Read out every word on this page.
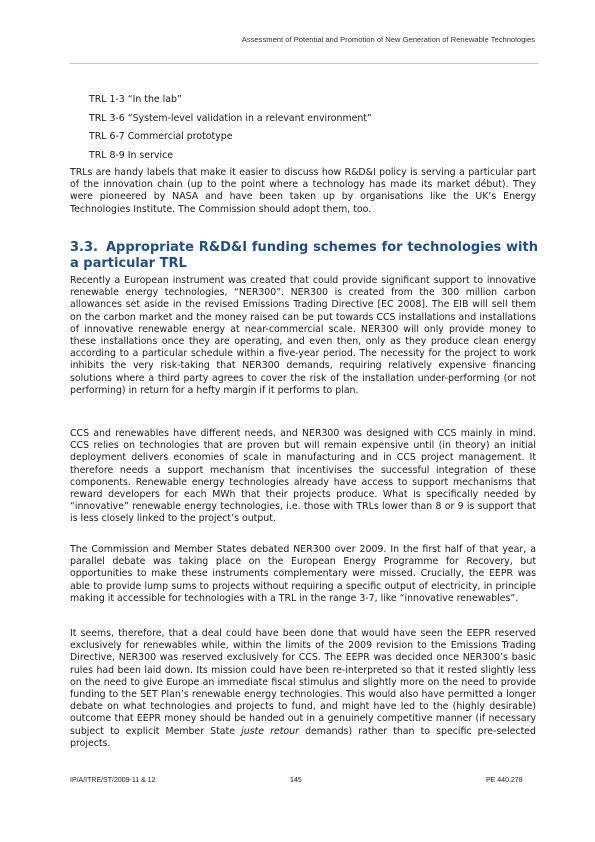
Assessment of Potential and Promotion of New Generation of Renewable Technologies
TRL 1-3 “In the lab”
TRL 3-6 “System-level validation in a relevant environment”
TRL 6-7 Commercial prototype
TRL 8-9 In service

TRLs are handy labels that make it easier to discuss how R&D&I policy is serving a particular part of the innovation chain (up to the point where a technology has made its market début). They were pioneered by NASA and have been taken up by organisations like the UK’s Energy Technologies Institute. The Commission should adopt them, too.

3.3. Appropriate R&D&I funding schemes for technologies with a particular TRL

Recently a European instrument was created that could provide significant support to innovative renewable energy technologies, “NER300”. NER300 is created from the 300 million carbon allowances set aside in the revised Emissions Trading Directive [EC 2008]. The EIB will sell them on the carbon market and the money raised can be put towards CCS installations and installations of innovative renewable energy at near-commercial scale. NER300 will only provide money to these installations once they are operating, and even then, only as they produce clean energy according to a particular schedule within a five-year period. The necessity for the project to work inhibits the very risk-taking that NER300 demands, requiring relatively expensive financing solutions where a third party agrees to cover the risk of the installation under-performing (or not performing) in return for a hefty margin if it performs to plan.

CCS and renewables have different needs, and NER300 was designed with CCS mainly in mind. CCS relies on technologies that are proven but will remain expensive until (in theory) an initial deployment delivers economies of scale in manufacturing and in CCS project management. It therefore needs a support mechanism that incentivises the successful integration of these components. Renewable energy technologies already have access to support mechanisms that reward developers for each MWh that their projects produce. What is specifically needed by “innovative” renewable energy technologies, i.e. those with TRLs lower than 8 or 9 is support that is less closely linked to the project’s output.

The Commission and Member States debated NER300 over 2009. In the first half of that year, a parallel debate was taking place on the European Energy Programme for Recovery, but opportunities to make these instruments complementary were missed. Crucially, the EEPR was able to provide lump sums to projects without requiring a specific output of electricity, in principle making it accessible for technologies with a TRL in the range 3-7, like “innovative renewables”.

It seems, therefore, that a deal could have been done that would have seen the EEPR reserved exclusively for renewables while, within the limits of the 2009 revision to the Emissions Trading Directive, NER300 was reserved exclusively for CCS. The EEPR was decided once NER300’s basic rules had been laid down. Its mission could have been re-interpreted so that it rested slightly less on the need to give Europe an immediate fiscal stimulus and slightly more on the need to provide funding to the SET Plan’s renewable energy technologies. This would also have permitted a longer debate on what technologies and projects to fund, and might have led to the (highly desirable) outcome that EEPR money should be handed out in a genuinely competitive manner (if necessary subject to explicit Member State juste retour demands) rather than to specific pre-selected projects.

IP/A/ITRE/ST/2009-11 & 12	145	PE 440.278
